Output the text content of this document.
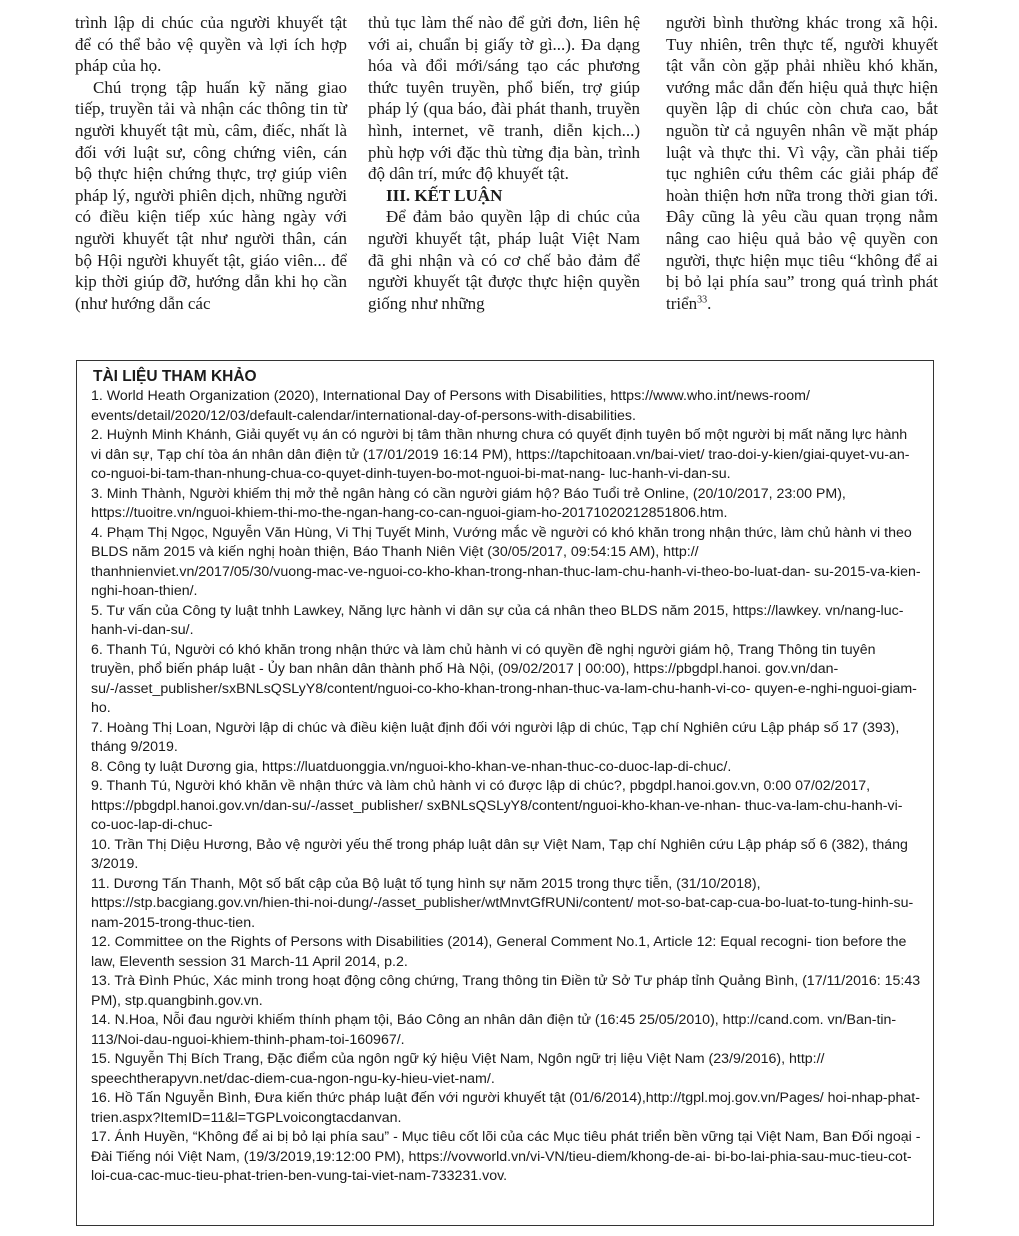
trình lập di chúc của người khuyết tật để có thể bảo vệ quyền và lợi ích hợp pháp của họ.

Chú trọng tập huấn kỹ năng giao tiếp, truyền tải và nhận các thông tin từ người khuyết tật mù, câm, điếc, nhất là đối với luật sư, công chứng viên, cán bộ thực hiện chứng thực, trợ giúp viên pháp lý, người phiên dịch, những người có điều kiện tiếp xúc hàng ngày với người khuyết tật như người thân, cán bộ Hội người khuyết tật, giáo viên... để kịp thời giúp đỡ, hướng dẫn khi họ cần (như hướng dẫn các

thủ tục làm thế nào để gửi đơn, liên hệ với ai, chuẩn bị giấy tờ gì...). Đa dạng hóa và đổi mới/sáng tạo các phương thức tuyên truyền, phổ biến, trợ giúp pháp lý (qua báo, đài phát thanh, truyền hình, internet, vẽ tranh, diễn kịch...) phù hợp với đặc thù từng địa bàn, trình độ dân trí, mức độ khuyết tật.

III. KẾT LUẬN

Để đảm bảo quyền lập di chúc của người khuyết tật, pháp luật Việt Nam đã ghi nhận và có cơ chế bảo đảm để người khuyết tật được thực hiện quyền giống như những

người bình thường khác trong xã hội. Tuy nhiên, trên thực tế, người khuyết tật vẫn còn gặp phải nhiều khó khăn, vướng mắc dẫn đến hiệu quả thực hiện quyền lập di chúc còn chưa cao, bắt nguồn từ cả nguyên nhân về mặt pháp luật và thực thi. Vì vậy, cần phải tiếp tục nghiên cứu thêm các giải pháp để hoàn thiện hơn nữa trong thời gian tới. Đây cũng là yêu cầu quan trọng nằm nâng cao hiệu quả bảo vệ quyền con người, thực hiện mục tiêu “không để ai bị bỏ lại phía sau” trong quá trình phát triển$^{33}$.

TÀI LIỆU THAM KHẢO
1. World Heath Organization (2020), International Day of Persons with Disabilities, https://www.who.int/news-room/ events/detail/2020/12/03/default-calendar/international-day-of-persons-with-disabilities.
2. Huỳnh Minh Khánh, Giải quyết vụ án có người bị tâm thần nhưng chưa có quyết định tuyên bố một người bị mất năng lực hành vi dân sự, Tạp chí tòa án nhân dân điện tử (17/01/2019 16:14 PM), https://tapchitoaan.vn/bai-viet/ trao-doi-y-kien/giai-quyet-vu-an-co-nguoi-bi-tam-than-nhung-chua-co-quyet-dinh-tuyen-bo-mot-nguoi-bi-mat-nang- luc-hanh-vi-dan-su.
3. Minh Thành, Người khiếm thị mở thẻ ngân hàng có cần người giám hộ? Báo Tuổi trẻ Online, (20/10/2017, 23:00 PM), https://tuoitre.vn/nguoi-khiem-thi-mo-the-ngan-hang-co-can-nguoi-giam-ho-20171020212851806.htm.
4. Phạm Thị Ngọc, Nguyễn Văn Hùng, Vi Thị Tuyết Minh, Vướng mắc về người có khó khăn trong nhận thức, làm chủ hành vi theo BLDS năm 2015 và kiến nghị hoàn thiện, Báo Thanh Niên Việt (30/05/2017, 09:54:15 AM), http:// thanhnienviet.vn/2017/05/30/vuong-mac-ve-nguoi-co-kho-khan-trong-nhan-thuc-lam-chu-hanh-vi-theo-bo-luat-dan- su-2015-va-kien-nghi-hoan-thien/.
5. Tư vấn của Công ty luật tnhh Lawkey, Năng lực hành vi dân sự của cá nhân theo BLDS năm 2015, https://lawkey. vn/nang-luc-hanh-vi-dan-su/.
6. Thanh Tú, Người có khó khăn trong nhận thức và làm chủ hành vi có quyền đề nghị người giám hộ, Trang Thông tin tuyên truyền, phổ biến pháp luật - Ủy ban nhân dân thành phố Hà Nội, (09/02/2017 | 00:00), https://pbgdpl.hanoi. gov.vn/dan-su/-/asset_publisher/sxBNLsQSLyY8/content/nguoi-co-kho-khan-trong-nhan-thuc-va-lam-chu-hanh-vi-co- quyen-e-nghi-nguoi-giam-ho.
7. Hoàng Thị Loan, Người lập di chúc và điều kiện luật định đối với người lập di chúc, Tạp chí Nghiên cứu Lập pháp số 17 (393), tháng 9/2019.
8. Công ty luật Dương gia, https://luatduonggia.vn/nguoi-kho-khan-ve-nhan-thuc-co-duoc-lap-di-chuc/.
9. Thanh Tú, Người khó khăn về nhận thức và làm chủ hành vi có được lập di chúc?, pbgdpl.hanoi.gov.vn, 0:00 07/02/2017, https://pbgdpl.hanoi.gov.vn/dan-su/-/asset_publisher/ sxBNLsQSLyY8/content/nguoi-kho-khan-ve-nhan- thuc-va-lam-chu-hanh-vi-co-uoc-lap-di-chuc-
10. Trần Thị Diệu Hương, Bảo vệ người yếu thế trong pháp luật dân sự Việt Nam, Tạp chí Nghiên cứu Lập pháp số 6 (382), tháng 3/2019.
11. Dương Tấn Thanh, Một số bất cập của Bộ luật tố tụng hình sự năm 2015 trong thực tiễn, (31/10/2018), https://stp.bacgiang.gov.vn/hien-thi-noi-dung/-/asset_publisher/wtMnvtGfRUNi/content/ mot-so-bat-cap-cua-bo-luat-to-tung-hinh-su-nam-2015-trong-thuc-tien.
12. Committee on the Rights of Persons with Disabilities (2014), General Comment No.1, Article 12: Equal recogni- tion before the law, Eleventh session 31 March-11 April 2014, p.2.
13. Trà Đình Phúc, Xác minh trong hoạt động công chứng, Trang thông tin Điền tử Sở Tư pháp tỉnh Quảng Bình, (17/11/2016: 15:43 PM), stp.quangbinh.gov.vn.
14. N.Hoa, Nỗi đau người khiếm thính phạm tội, Báo Công an nhân dân điện tử (16:45 25/05/2010), http://cand.com. vn/Ban-tin-113/Noi-dau-nguoi-khiem-thinh-pham-toi-160967/.
15. Nguyễn Thị Bích Trang, Đặc điểm của ngôn ngữ ký hiệu Việt Nam, Ngôn ngữ trị liệu Việt Nam (23/9/2016), http:// speechtherapyvn.net/dac-diem-cua-ngon-ngu-ky-hieu-viet-nam/.
16. Hồ Tấn Nguyễn Bình, Đưa kiến thức pháp luật đến với người khuyết tật (01/6/2014),http://tgpl.moj.gov.vn/Pages/ hoi-nhap-phat-trien.aspx?ItemID=11&l=TGPLvoicongtacdanvan.
17. Ánh Huyền, “Không để ai bị bỏ lại phía sau” - Mục tiêu cốt lõi của các Mục tiêu phát triển bền vững tại Việt Nam, Ban Đối ngoại - Đài Tiếng nói Việt Nam, (19/3/2019,19:12:00 PM), https://vovworld.vn/vi-VN/tieu-diem/khong-de-ai- bi-bo-lai-phia-sau-muc-tieu-cot-loi-cua-cac-muc-tieu-phat-trien-ben-vung-tai-viet-nam-733231.vov.
